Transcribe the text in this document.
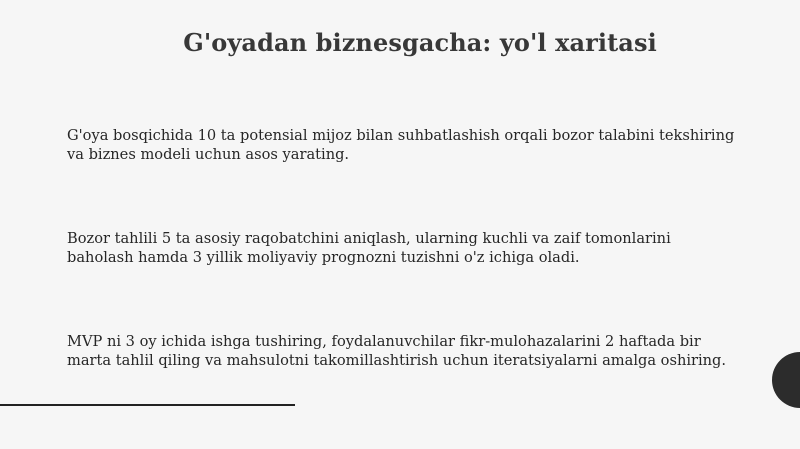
G'oyadan biznesgacha: yo'l xaritasi

G'oya bosqichida 10 ta potensial mijoz bilan suhbatlashish orqali bozor talabini tekshiring va biznes modeli uchun asos yarating.

Bozor tahlili 5 ta asosiy raqobatchini aniqlash, ularning kuchli va zaif tomonlarini baholash hamda 3 yillik moliyaviy prognozni tuzishni o'z ichiga oladi.

MVP ni 3 oy ichida ishga tushiring, foydalanuvchilar fikr-mulohazalarini 2 haftada bir marta tahlil qiling va mahsulotni takomillashtirish uchun iteratsiyalarni amalga oshiring.
